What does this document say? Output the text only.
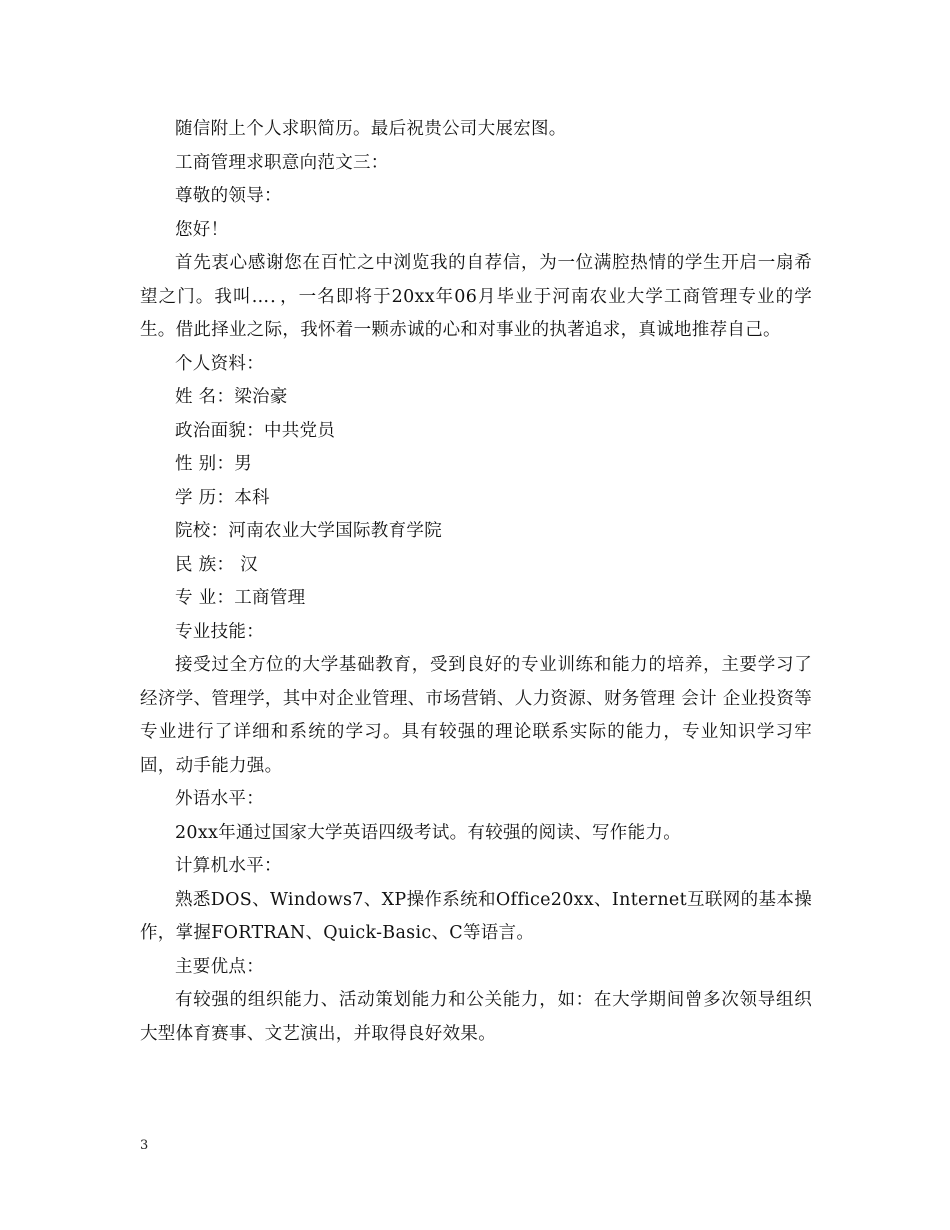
随信附上个人求职简历。最后祝贵公司大展宏图。

工商管理求职意向范文三：

尊敬的领导：

您好！

首先衷心感谢您在百忙之中浏览我的自荐信，为一位满腔热情的学生开启一扇希望之门。我叫…．，一名即将于20xx年06月毕业于河南农业大学工商管理专业的学生。借此择业之际，我怀着一颗赤诚的心和对事业的执著追求，真诚地推荐自己。

个人资料：

姓 名：梁治豪

政治面貌：中共党员

性 别：男

学 历：本科

院校：河南农业大学国际教育学院

民 族： 汉

专 业：工商管理

专业技能：

接受过全方位的大学基础教育，受到良好的专业训练和能力的培养，主要学习了经济学、管理学，其中对企业管理、市场营销、人力资源、财务管理 会计 企业投资等专业进行了详细和系统的学习。具有较强的理论联系实际的能力，专业知识学习牢固，动手能力强。

外语水平：

20xx年通过国家大学英语四级考试。有较强的阅读、写作能力。

计算机水平：

熟悉DOS、Windows7、XP操作系统和Office20xx、Internet互联网的基本操作，掌握FORTRAN、Quick-Basic、C等语言。

主要优点：

有较强的组织能力、活动策划能力和公关能力，如：在大学期间曾多次领导组织大型体育赛事、文艺演出，并取得良好效果。

3
